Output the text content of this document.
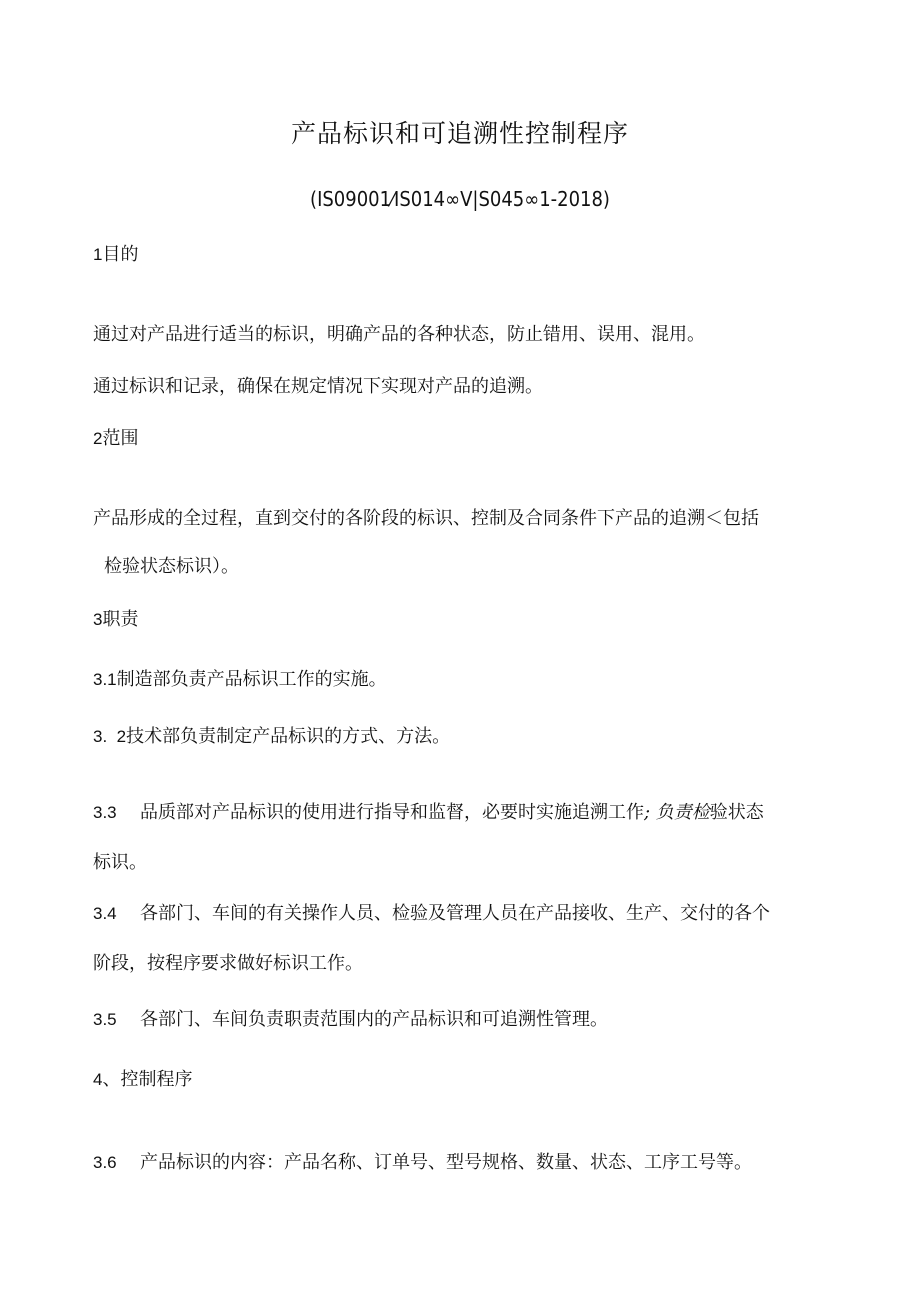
产品标识和可追溯性控制程序
(IS09001⁄IS014∞V|S045∞1-2018)
1目的
通过对产品进行适当的标识，明确产品的各种状态，防止错用、误用、混用。
通过标识和记录，确保在规定情况下实现对产品的追溯。
2范围
产品形成的全过程，直到交付的各阶段的标识、控制及合同条件下产品的追溯＜包括
检验状态标识）。
3职责
3.1制造部负责产品标识工作的实施。
3.  2技术部负责制定产品标识的方式、方法。
3.3 品质部对产品标识的使用进行指导和监督，必要时实施追溯工作; 负责检验状态
标识。
3.4 各部门、车间的有关操作人员、检验及管理人员在产品接收、生产、交付的各个
阶段，按程序要求做好标识工作。
3.5 各部门、车间负责职责范围内的产品标识和可追溯性管理。
4、控制程序
3.6 产品标识的内容：产品名称、订单号、型号规格、数量、状态、工序工号等。
